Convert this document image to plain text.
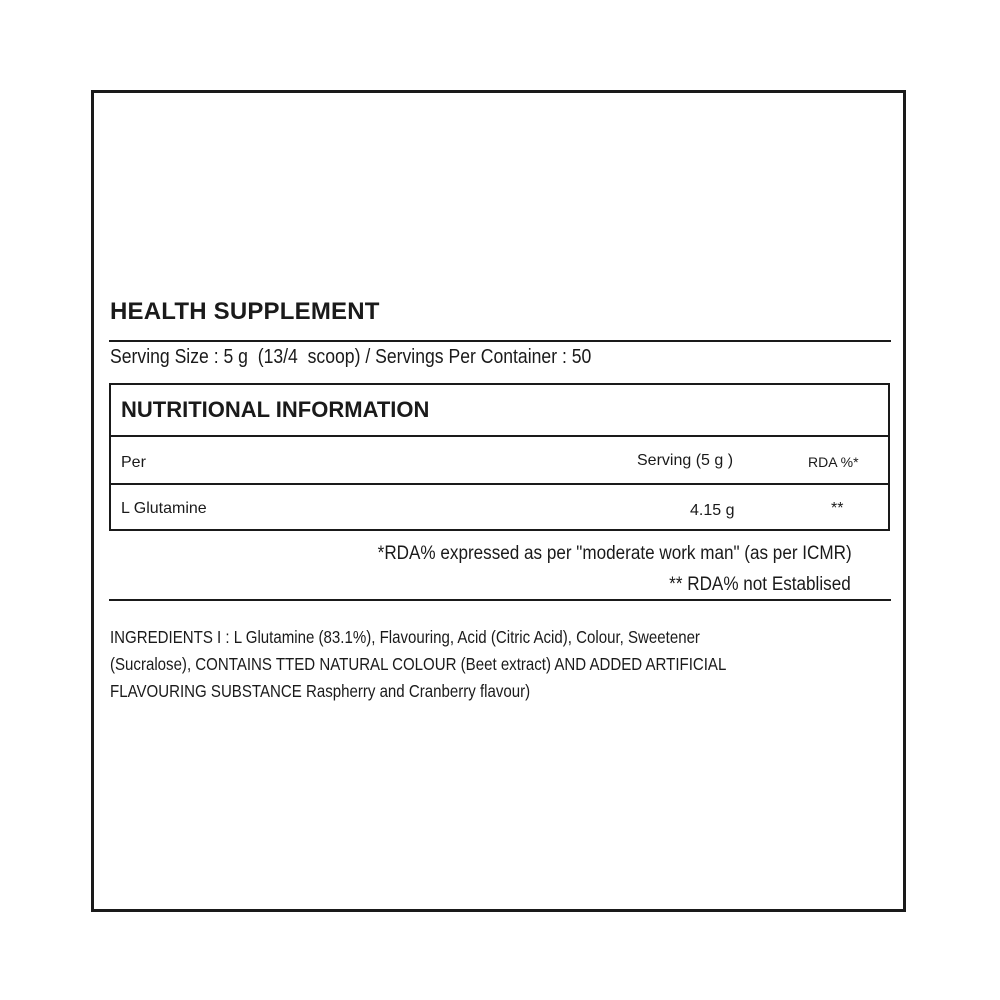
HEALTH SUPPLEMENT
Serving Size : 5 g  (13/4  scoop) / Servings Per Container : 50
NUTRITIONAL INFORMATION
Per	Serving (5 g )	RDA %*
L Glutamine	4.15 g	**
*RDA% expressed as per "moderate work man" (as per ICMR)
** RDA% not Establised
INGREDIENTS I : L Glutamine (83.1%), Flavouring, Acid (Citric Acid), Colour, Sweetener
(Sucralose), CONTAINS TTED NATURAL COLOUR (Beet extract) AND ADDED ARTIFICIAL
FLAVOURING SUBSTANCE Raspherry and Cranberry flavour)
